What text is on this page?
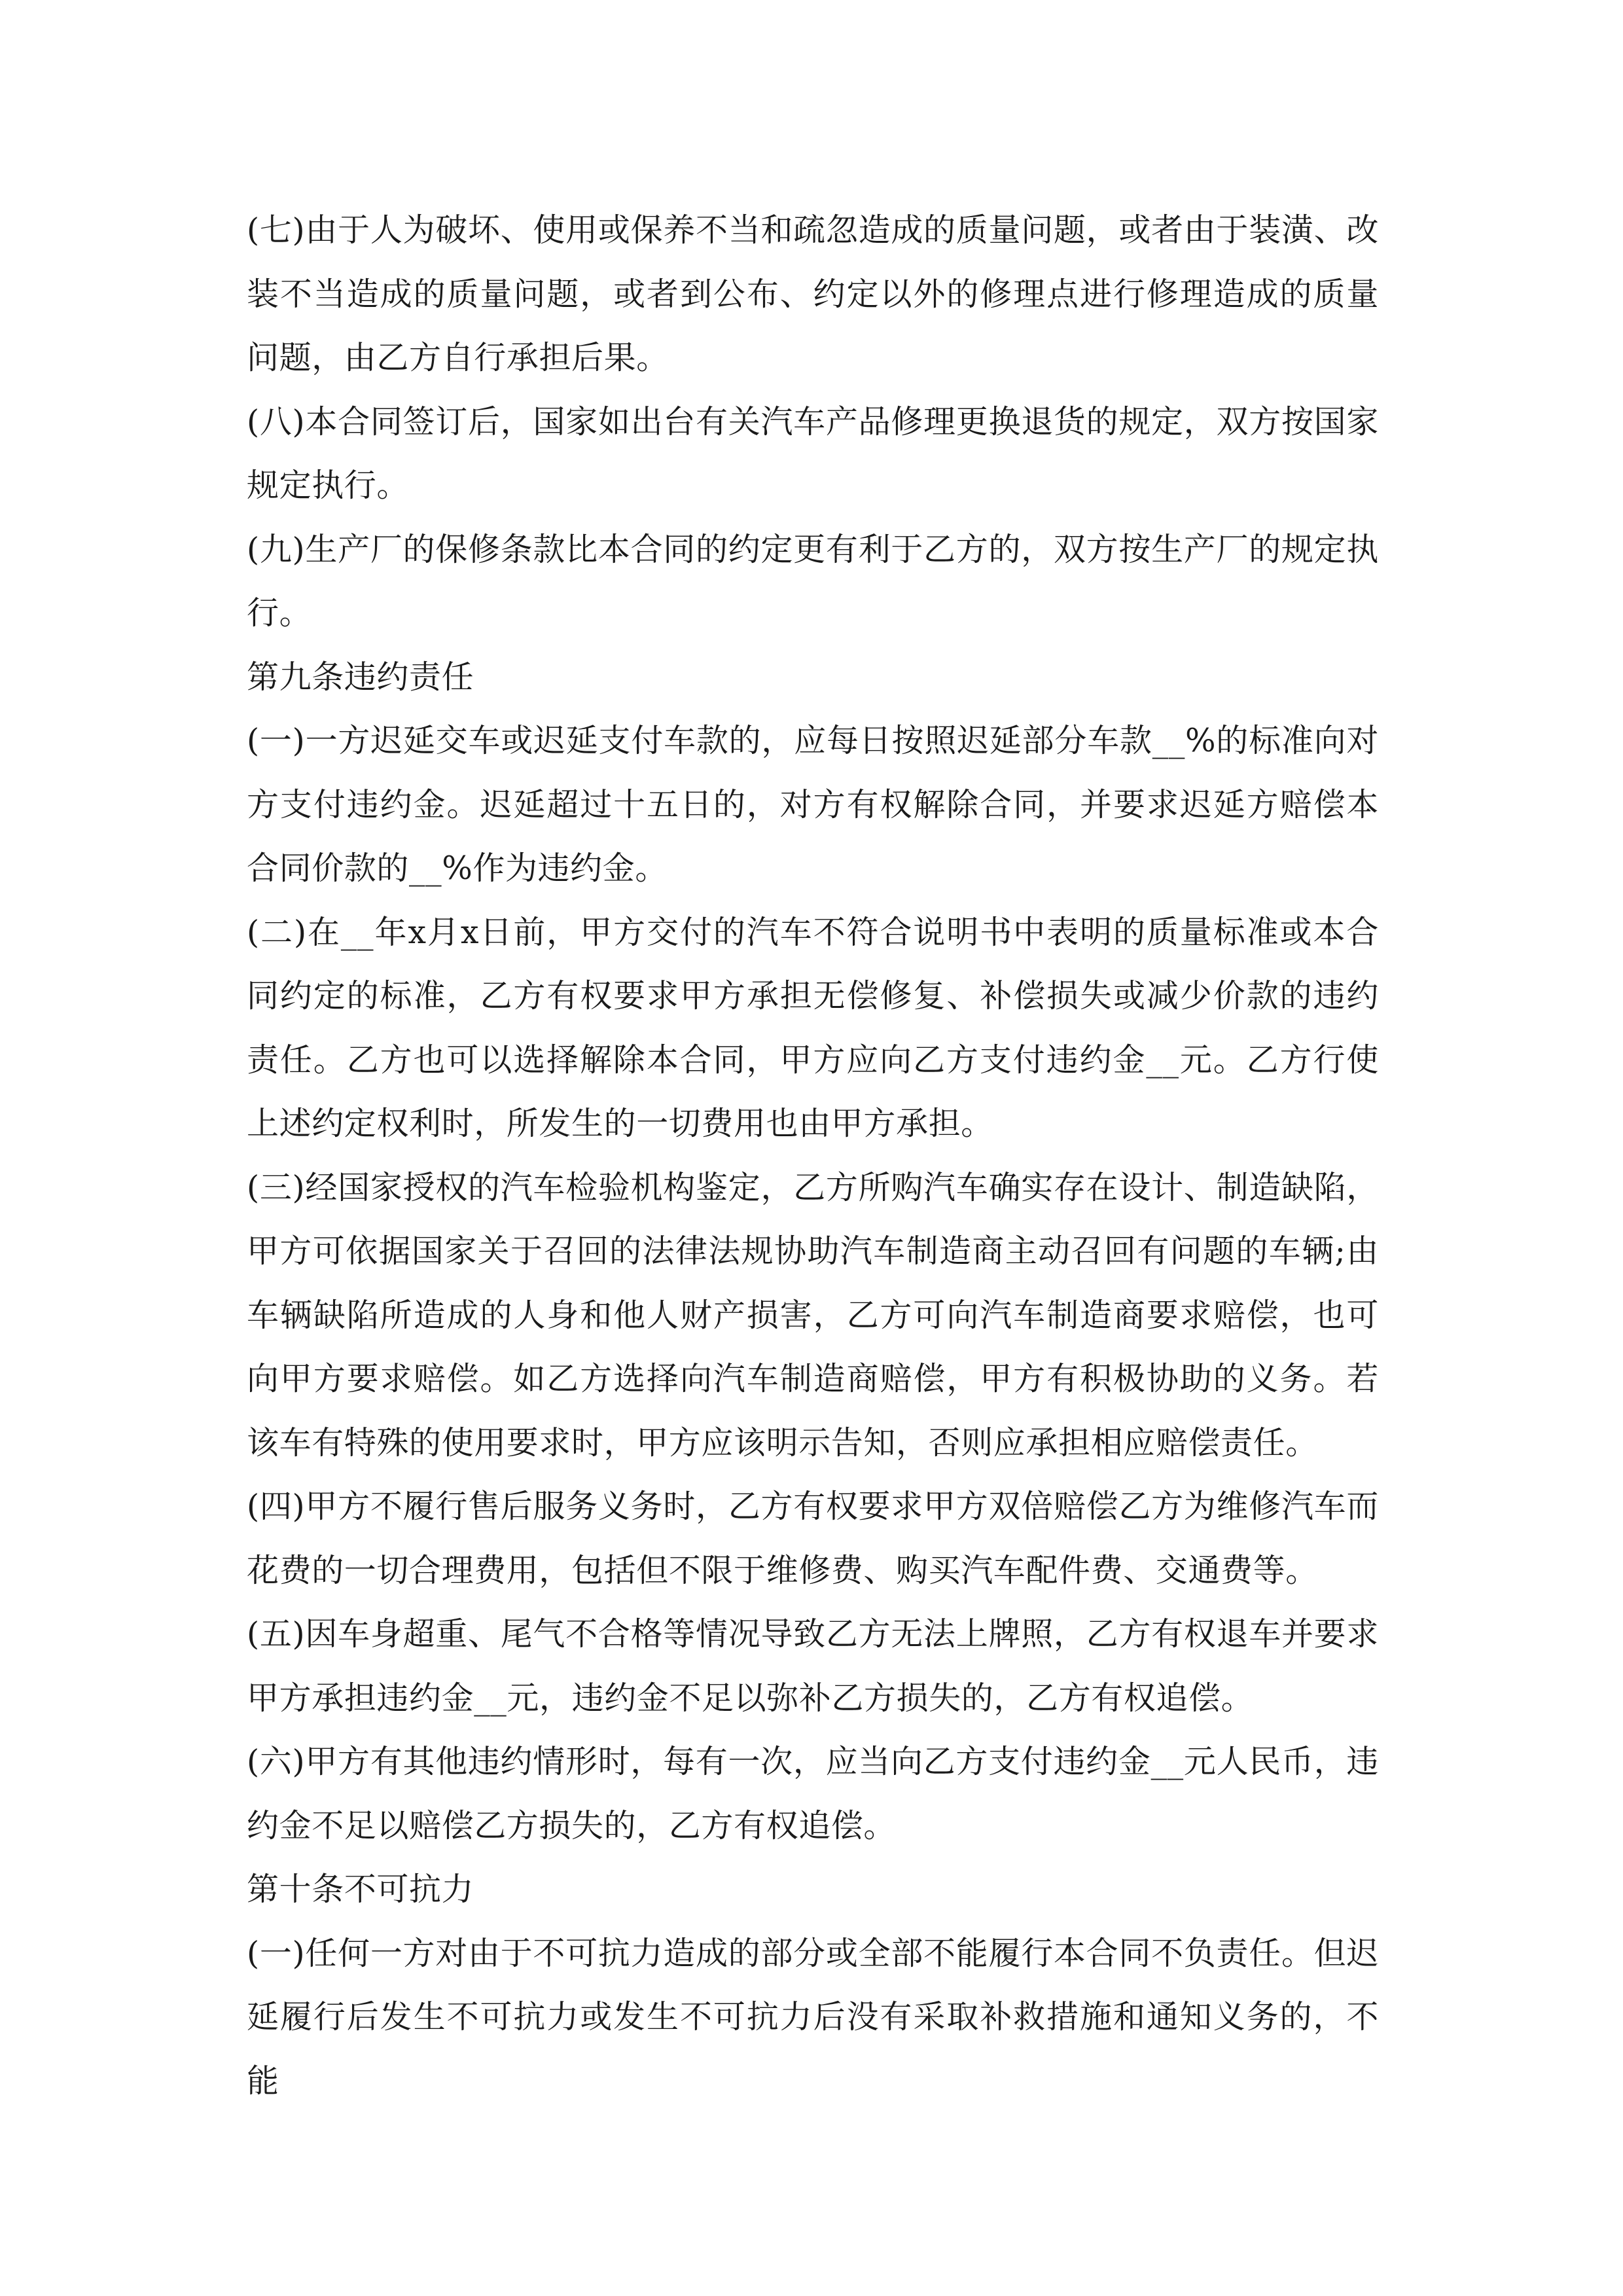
(七)由于人为破坏、使用或保养不当和疏忽造成的质量问题，或者由于装潢、改装不当造成的质量问题，或者到公布、约定以外的修理点进行修理造成的质量问题，由乙方自行承担后果。

(八)本合同签订后，国家如出台有关汽车产品修理更换退货的规定，双方按国家规定执行。

(九)生产厂的保修条款比本合同的约定更有利于乙方的，双方按生产厂的规定执行。

第九条违约责任

(一)一方迟延交车或迟延支付车款的，应每日按照迟延部分车款__%的标准向对方支付违约金。迟延超过十五日的，对方有权解除合同，并要求迟延方赔偿本合同价款的__%作为违约金。

(二)在__年x月x日前，甲方交付的汽车不符合说明书中表明的质量标准或本合同约定的标准，乙方有权要求甲方承担无偿修复、补偿损失或减少价款的违约责任。乙方也可以选择解除本合同，甲方应向乙方支付违约金__元。乙方行使上述约定权利时，所发生的一切费用也由甲方承担。

(三)经国家授权的汽车检验机构鉴定，乙方所购汽车确实存在设计、制造缺陷，甲方可依据国家关于召回的法律法规协助汽车制造商主动召回有问题的车辆;由车辆缺陷所造成的人身和他人财产损害，乙方可向汽车制造商要求赔偿，也可向甲方要求赔偿。如乙方选择向汽车制造商赔偿，甲方有积极协助的义务。若该车有特殊的使用要求时，甲方应该明示告知，否则应承担相应赔偿责任。

(四)甲方不履行售后服务义务时，乙方有权要求甲方双倍赔偿乙方为维修汽车而花费的一切合理费用，包括但不限于维修费、购买汽车配件费、交通费等。

(五)因车身超重、尾气不合格等情况导致乙方无法上牌照，乙方有权退车并要求甲方承担违约金__元，违约金不足以弥补乙方损失的，乙方有权追偿。

(六)甲方有其他违约情形时，每有一次，应当向乙方支付违约金__元人民币，违约金不足以赔偿乙方损失的，乙方有权追偿。

第十条不可抗力

(一)任何一方对由于不可抗力造成的部分或全部不能履行本合同不负责任。但迟延履行后发生不可抗力或发生不可抗力后没有采取补救措施和通知义务的，不能
